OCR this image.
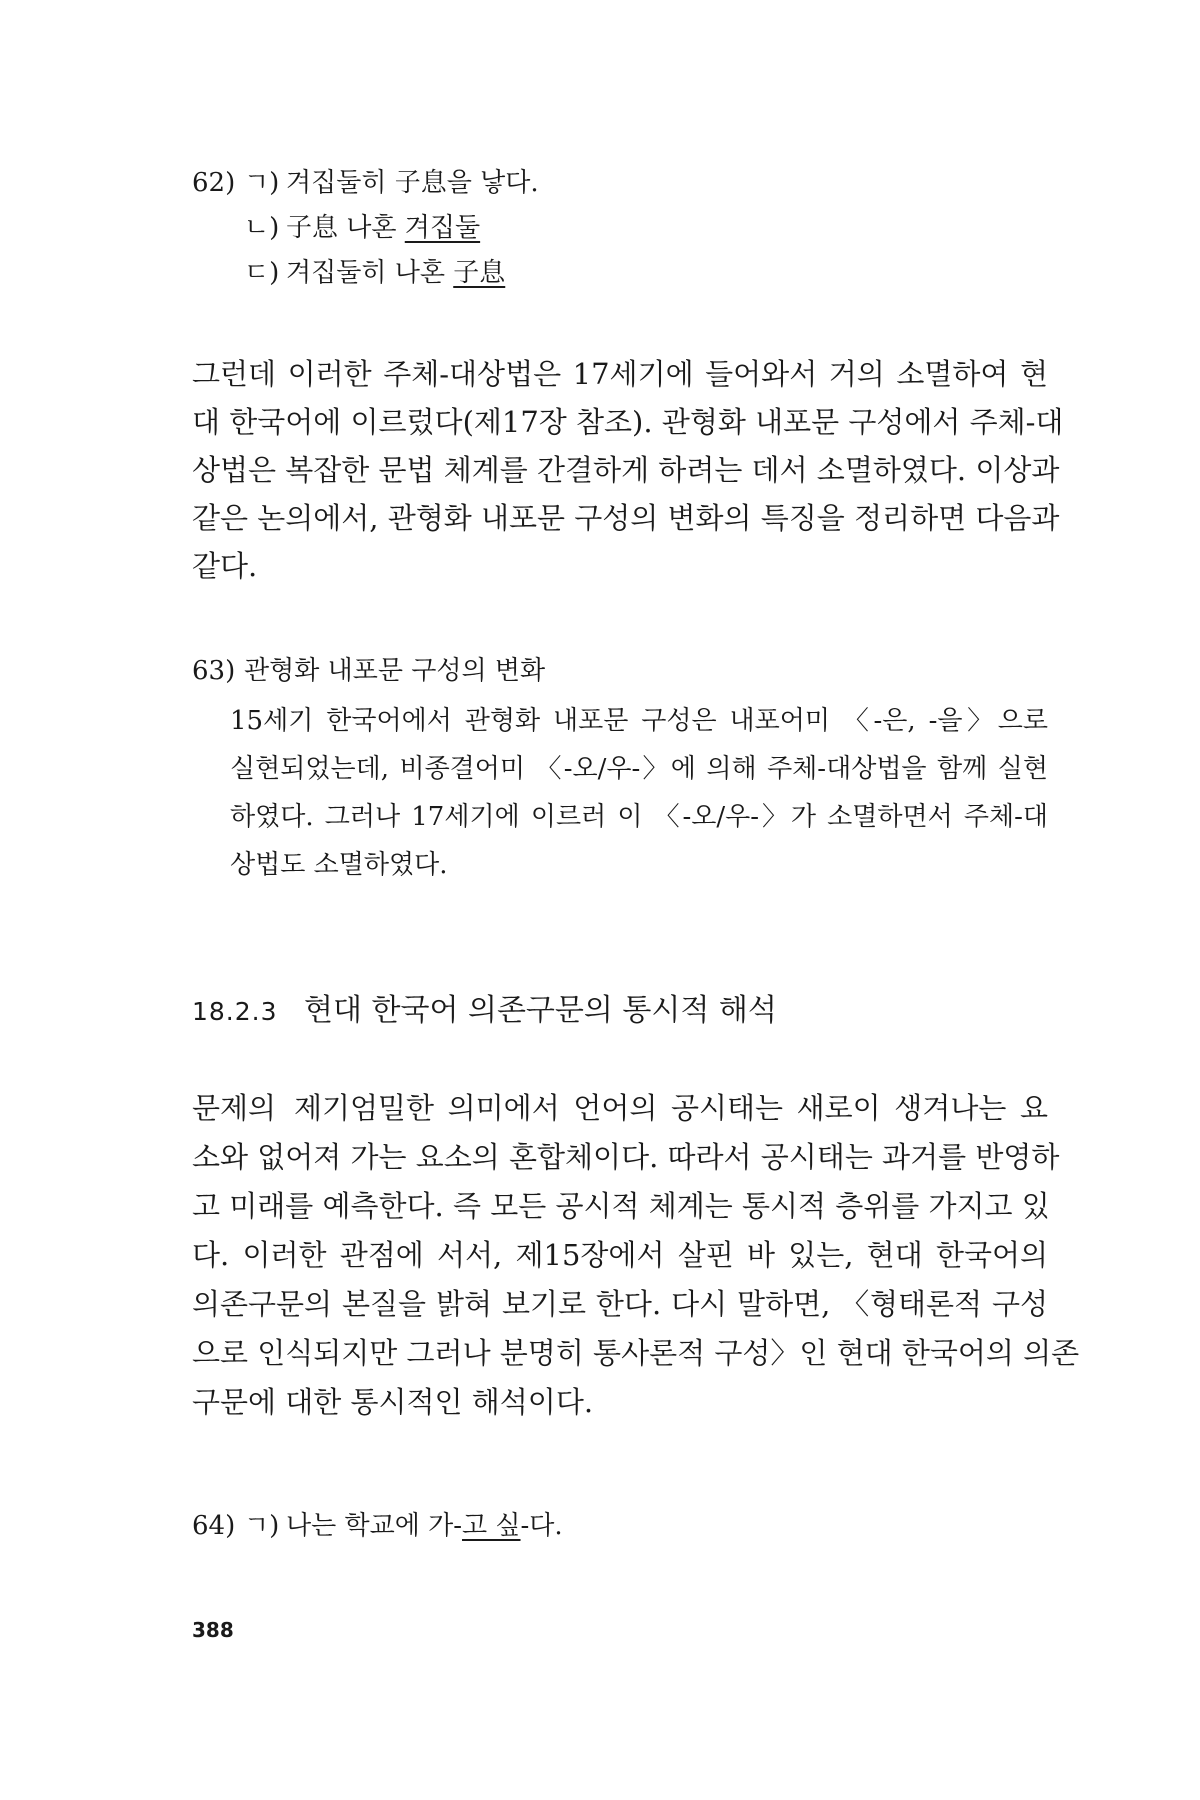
62) ㄱ) 겨집둘히 子息을 낳다.
ㄴ) 子息 나혼 겨집둘
ㄷ) 겨집둘히 나혼 子息
그런데 이러한 주체-대상법은 17세기에 들어와서 거의 소멸하여 현
대 한국어에 이르렀다(제17장 참조). 관형화 내포문 구성에서 주체-대
상법은 복잡한 문법 체계를 간결하게 하려는 데서 소멸하였다. 이상과
같은 논의에서, 관형화 내포문 구성의 변화의 특징을 정리하면 다음과
같다.
63) 관형화 내포문 구성의 변화
15세기 한국어에서 관형화 내포문 구성은 내포어미 〈-은, -을〉으로
실현되었는데, 비종결어미 〈-오/우-〉에 의해 주체-대상법을 함께 실현
하였다. 그러나 17세기에 이르러 이 〈-오/우-〉가 소멸하면서 주체-대
상법도 소멸하였다.
18.2.3 현대 한국어 의존구문의 통시적 해석
문제의 제기엄밀한 의미에서 언어의 공시태는 새로이 생겨나는 요
소와 없어져 가는 요소의 혼합체이다. 따라서 공시태는 과거를 반영하
고 미래를 예측한다. 즉 모든 공시적 체계는 통시적 층위를 가지고 있
다. 이러한 관점에 서서, 제15장에서 살핀 바 있는, 현대 한국어의
의존구문의 본질을 밝혀 보기로 한다. 다시 말하면, 〈형태론적 구성
으로 인식되지만 그러나 분명히 통사론적 구성〉인 현대 한국어의 의존
구문에 대한 통시적인 해석이다.
64) ㄱ) 나는 학교에 가-고 싶-다.
388
